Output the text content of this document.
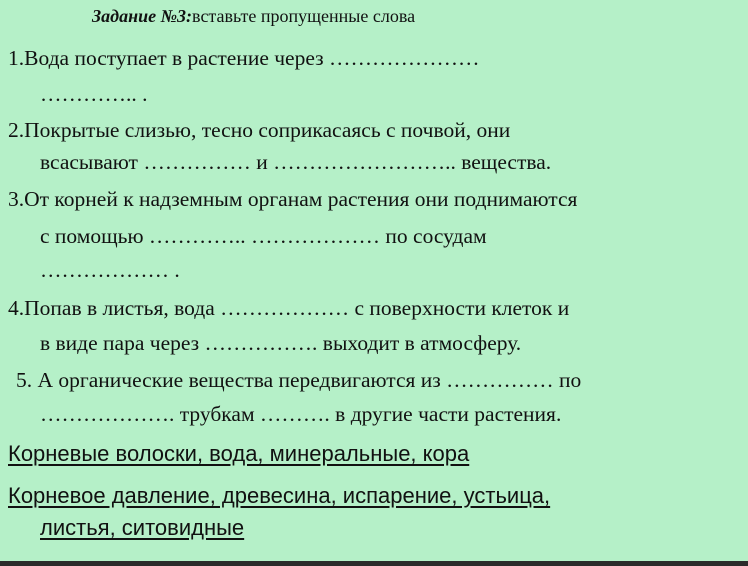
Задание №3:вставьте пропущенные слова
1.Вода поступает в растение через …………………
………….. .
2.Покрытые слизью, тесно соприкасаясь с почвой, они
всасывают …………… и …………………….. вещества.
3.От корней к надземным органам растения они поднимаются
с помощью ………….. ……………… по сосудам
……………… .
4.Попав в листья, вода ……………… с поверхности клеток и
в виде пара через ……………. выходит в атмосферу.
5. А органические вещества передвигаются из …………… по
………………. трубкам ………. в другие части растения.
Корневые волоски, вода, минеральные, кора
Корневое давление, древесина, испарение, устьица,
листья, ситовидные
